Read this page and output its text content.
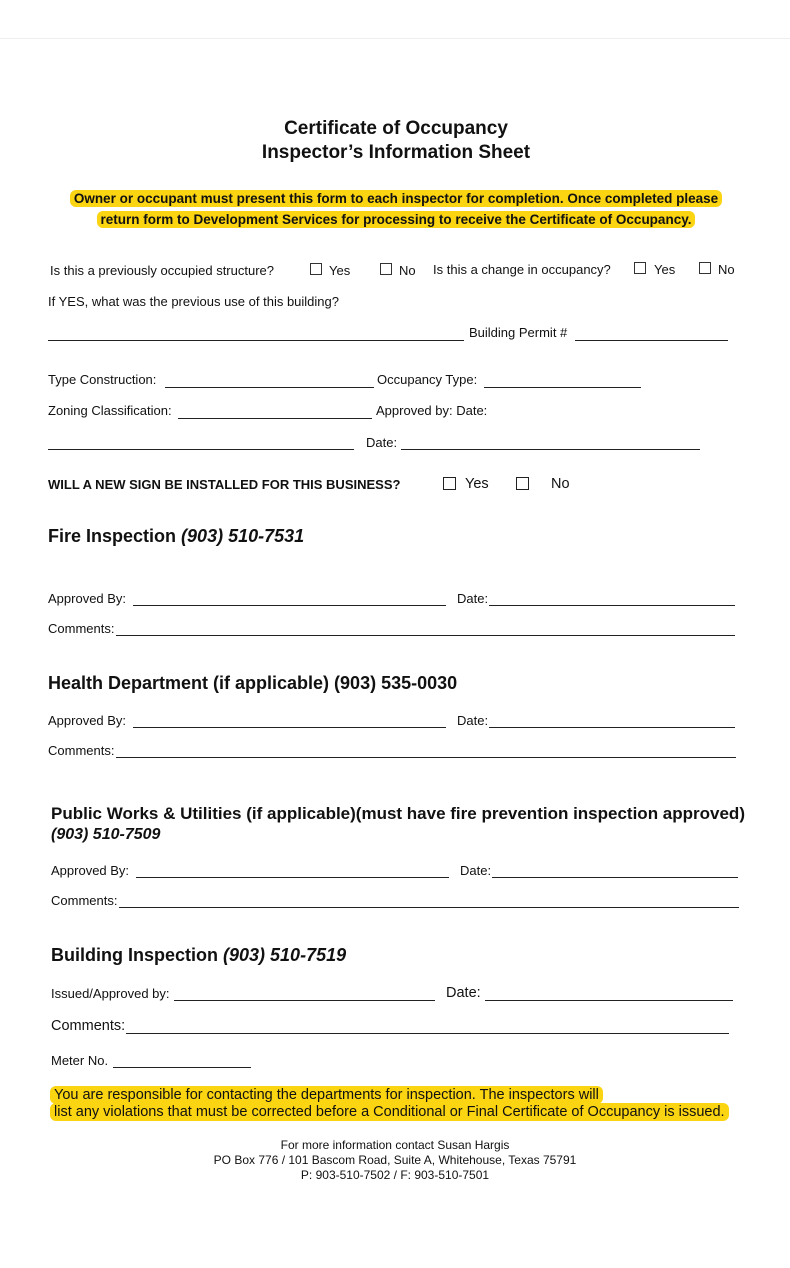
Certificate of Occupancy
Inspector’s Information Sheet
Owner or occupant must present this form to each inspector for completion. Once completed please
return form to Development Services for processing to receive the Certificate of Occupancy.
Is this a previously occupied structure?	Yes	No Is this a change in occupancy?	Yes	No
If YES, what was the previous use of this building?
Building Permit #
Type Construction:	Occupancy Type:
Zoning Classification:	Approved by: Date:
Date:
WILL A NEW SIGN BE INSTALLED FOR THIS BUSINESS?	Yes	No
Fire Inspection (903) 510-7531
Approved By:	Date:
Comments:
Health Department (if applicable) (903) 535-0030
Approved By:	Date:
Comments:
Public Works & Utilities (if applicable)(must have fire prevention inspection approved)
(903) 510-7509
Approved By:	Date:
Comments:
Building Inspection (903) 510-7519
Issued/Approved by:	Date:
Comments:
Meter No.
You are responsible for contacting the departments for inspection. The inspectors will
list any violations that must be corrected before a Conditional or Final Certificate of Occupancy is issued.
For more information contact Susan Hargis
PO Box 776 / 101 Bascom Road, Suite A, Whitehouse, Texas 75791
P: 903-510-7502 / F: 903-510-7501
